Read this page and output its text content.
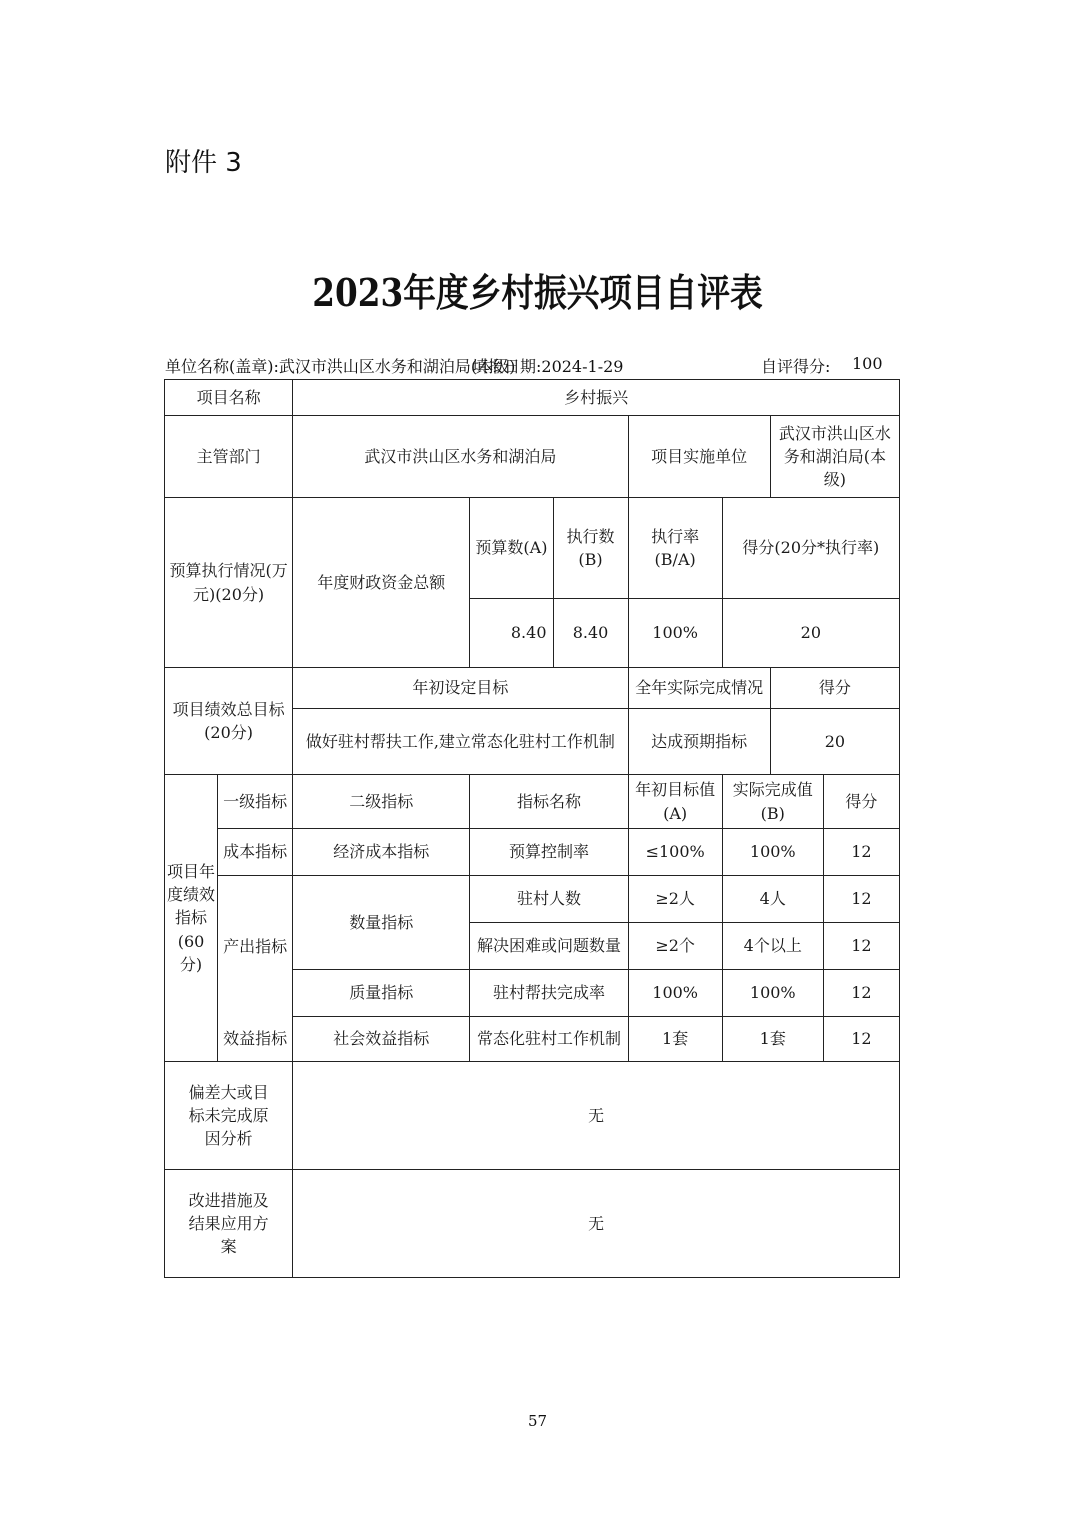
附件 3
2023年度乡村振兴项目自评表
单位名称(盖章):武汉市洪山区水务和湖泊局(本级)
填报日期:2024-1-29	自评得分: 100
项目名称		乡村振兴						
主管部门		武汉市洪山区水务和湖泊局			项目实施单位		武汉市洪山区水务和湖泊局(本级)	
预算执行情况(万元)(20分)		年度财政资金总额	预算数(A)	执行数(B)	执行率(B/A)	得分(20分*执行率)		
			8.40	8.40	100%	20		
项目绩效总目标(20分)		年初设定目标			全年实际完成情况		得分	
		做好驻村帮扶工作,建立常态化驻村工作机制			达成预期指标		20	
项目年度绩效指标(60分)	一级指标	二级指标	指标名称		年初目标值(A)	实际完成值(B)		得分
	成本指标	经济成本指标	预算控制率		≤100%	100%		12
	产出指标	数量指标	驻村人数		≥2人	4人		12
			解决困难或问题数量		≥2个	4个以上		12
		质量指标	驻村帮扶完成率		100%	100%		12
	效益指标	社会效益指标	常态化驻村工作机制		1套	1套		12
偏差大或目标未完成原因分析		无						
改进措施及结果应用方案		无						
57
